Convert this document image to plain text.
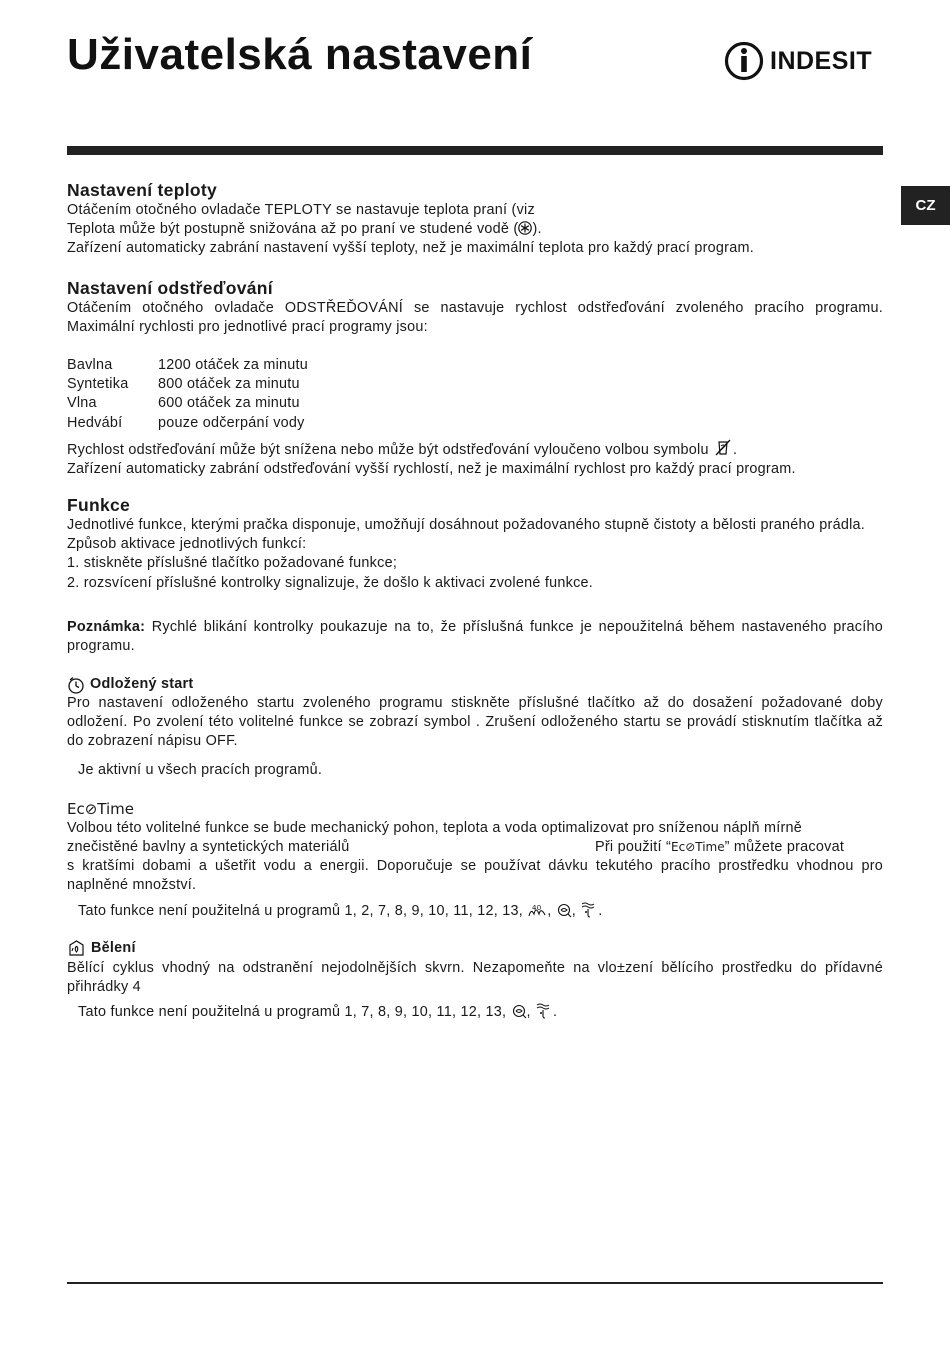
Uživatelská nastavení	INDESIT
CZ
Nastavení teploty

Otáčením otočného ovladače TEPLOTY se nastavuje teplota praní (viz

Teplota může být postupně snižována až po praní ve studené vodě ( ).

Zařízení automaticky zabrání nastavení vyšší teploty, než je maximální teplota pro každý prací program.

Nastavení odstřeďování

Otáčením otočného ovladače ODSTŘEĎOVÁNÍ se nastavuje rychlost odstřeďování zvoleného pracího programu. Maximální rychlosti pro jednotlivé prací programy jsou:

Bavlna	1200 otáček za minutu
Syntetika	800 otáček za minutu
Vlna	600 otáček za minutu
Hedvábí	pouze odčerpání vody

Rychlost odstřeďování může být snížena nebo může být odstřeďování vyloučeno volbou symbolu .

Zařízení automaticky zabrání odstřeďování vyšší rychlostí, než je maximální rychlost pro každý prací program.

Funkce

Jednotlivé funkce, kterými pračka disponuje, umožňují dosáhnout požadovaného stupně čistoty a bělosti praného prádla.

Způsob aktivace jednotlivých funkcí:

1. stiskněte příslušné tlačítko požadované funkce;

2. rozsvícení příslušné kontrolky signalizuje, že došlo k aktivaci zvolené funkce.

Poznámka: Rychlé blikání kontrolky poukazuje na to, že příslušná funkce je nepoužitelná během nastaveného pracího programu.

Odložený start

Pro nastavení odloženého startu zvoleného programu stiskněte příslušné tlačítko až do dosažení požadované doby odložení. Po zvolení této volitelné funkce se zobrazí symbol . Zrušení odloženého startu se provádí stisknutím tlačítka až do zobrazení nápisu OFF.

Je aktivní u všech pracích programů.

Ec⊘Time

Volbou této volitelné funkce se bude mechanický pohon, teplota a voda optimalizovat pro sníženou náplň mírně

znečistěné bavlny a syntetických materiálů	Při použití “Ec⊘Time” můžete pracovat

s kratšími dobami a ušetřit vodu a energii. Doporučuje se používat dávku tekutého pracího prostředku vhodnou pro naplněné množství.

Tato funkce není použitelná u programů 1, 2, 7, 8, 9, 10, 11, 12, 13, 40 , , .

Bělení

Bělící cyklus vhodný na odstranění nejodolnějších skvrn. Nezapomeňte na vlo±zení bělícího prostředku do přídavné přihrádky 4

Tato funkce není použitelná u programů 1, 7, 8, 9, 10, 11, 12, 13, , .
